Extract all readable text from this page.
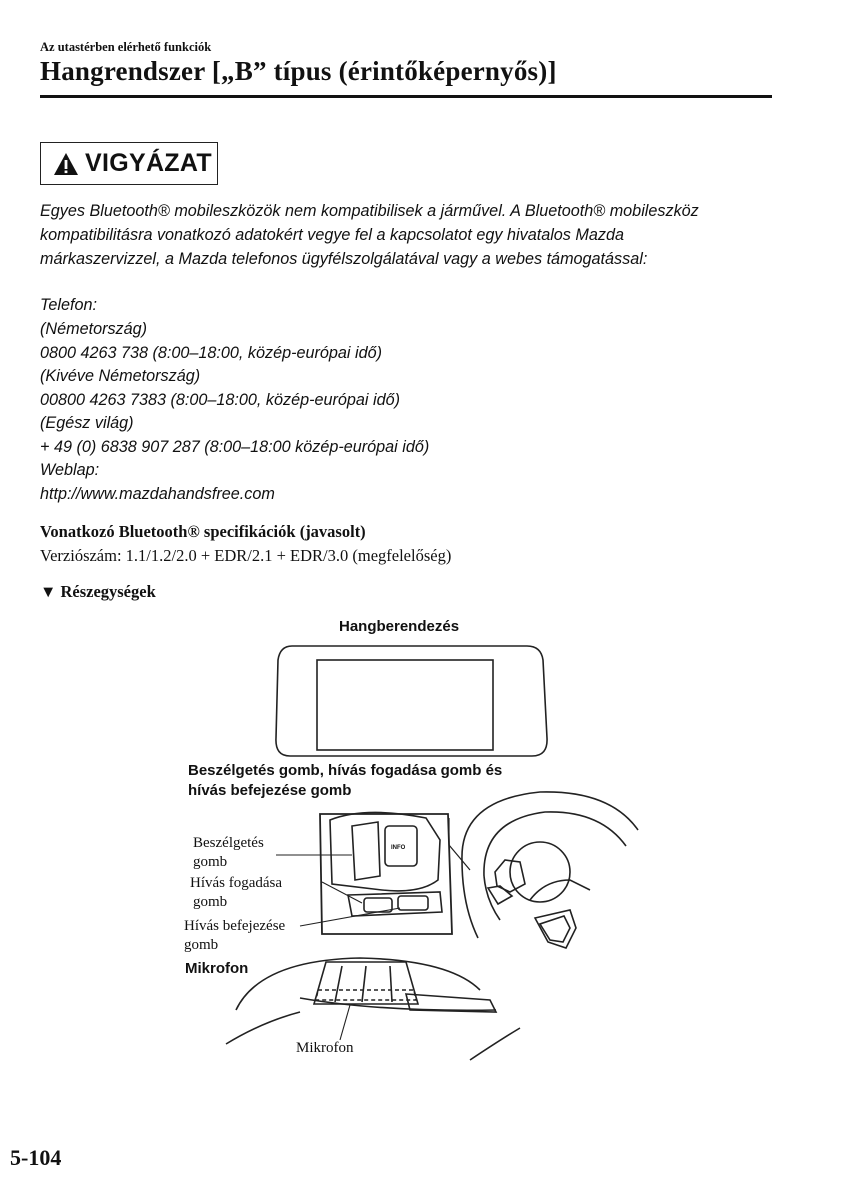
Az utastérben elérhető funkciók
Hangrendszer [„B” típus (érintőképernyős)]
VIGYÁZAT
Egyes Bluetooth® mobileszközök nem kompatibilisek a járművel. A Bluetooth® mobileszköz
kompatibilitásra vonatkozó adatokért vegye fel a kapcsolatot egy hivatalos Mazda
márkaszervizzel, a Mazda telefonos ügyfélszolgálatával vagy a webes támogatással:
Telefon:
(Németország)
0800 4263 738 (8:00–18:00, közép-európai idő)
(Kivéve Németország)
00800 4263 7383 (8:00–18:00, közép-európai idő)
(Egész világ)
+ 49 (0) 6838 907 287 (8:00–18:00 közép-európai idő)
Weblap:
http://www.mazdahandsfree.com
Vonatkozó Bluetooth® specifikációk (javasolt)
Verziószám: 1.1/1.2/2.0 + EDR/2.1 + EDR/3.0 (megfelelőség)
▼ Részegységek
Hangberendezés
Beszélgetés gomb, hívás fogadása gomb és
hívás befejezése gomb
Beszélgetés
gomb
Hívás fogadása
gomb
Hívás befejezése
gomb
Mikrofon
Mikrofon
INFO
5-104
